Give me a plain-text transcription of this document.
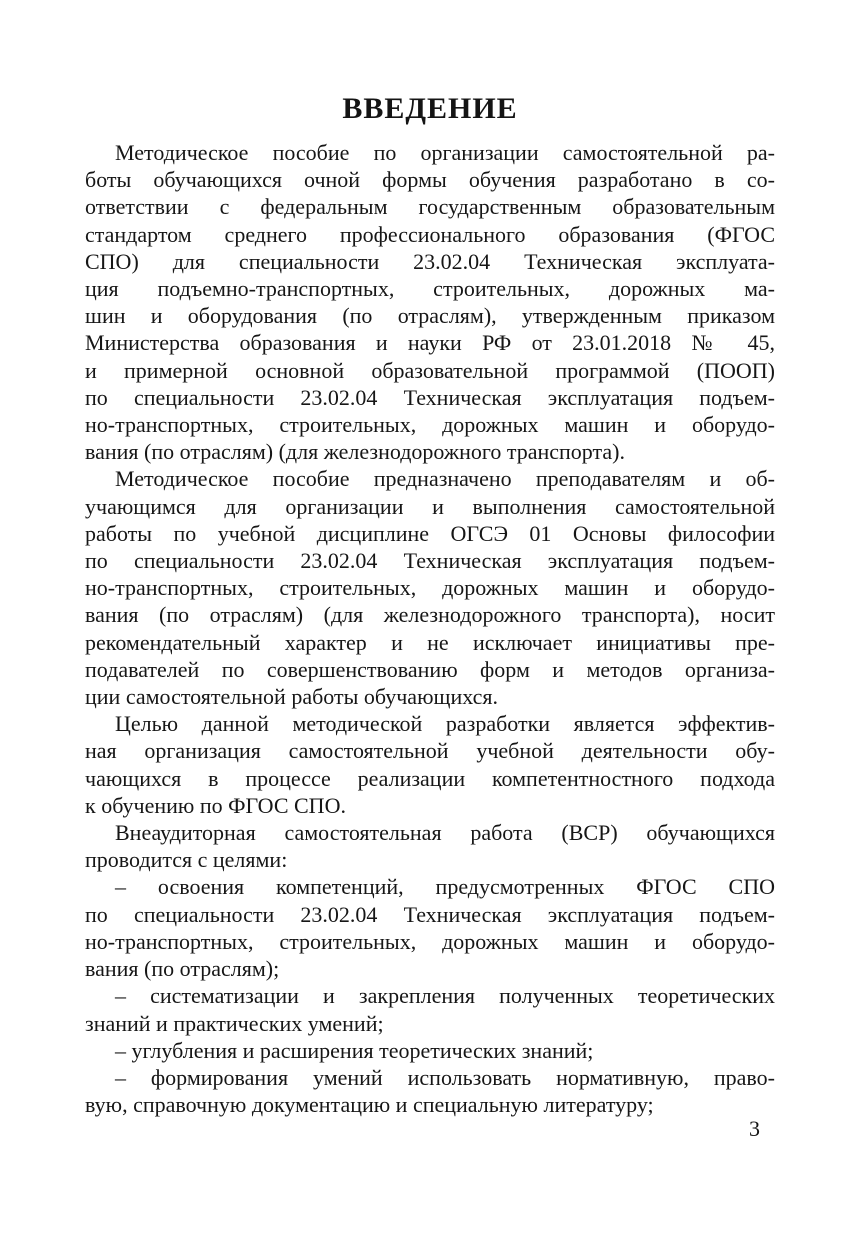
ВВЕДЕНИЕ

Методическое пособие по организации самостоятельной ра-
боты обучающихся очной формы обучения разработано в со-
ответствии с федеральным государственным образовательным
стандартом среднего профессионального образования (ФГОС
СПО) для специальности 23.02.04 Техническая эксплуата-
ция подъемно-транспортных, строительных, дорожных ма-
шин и оборудования (по отраслям), утвержденным приказом
Министерства образования и науки РФ от 23.01.2018 № 45,
и примерной основной образовательной программой (ПООП)
по специальности 23.02.04 Техническая эксплуатация подъем-
но-транспортных, строительных, дорожных машин и оборудо-
вания (по отраслям) (для железнодорожного транспорта).

Методическое пособие предназначено преподавателям и об-
учающимся для организации и выполнения самостоятельной
работы по учебной дисциплине ОГСЭ 01 Основы философии
по специальности 23.02.04 Техническая эксплуатация подъем-
но-транспортных, строительных, дорожных машин и оборудо-
вания (по отраслям) (для железнодорожного транспорта), носит
рекомендательный характер и не исключает инициативы пре-
подавателей по совершенствованию форм и методов организа-
ции самостоятельной работы обучающихся.

Целью данной методической разработки является эффектив-
ная организация самостоятельной учебной деятельности обу-
чающихся в процессе реализации компетентностного подхода
к обучению по ФГОС СПО.

Внеаудиторная самостоятельная работа (ВСР) обучающихся
проводится с целями:

– освоения компетенций, предусмотренных ФГОС СПО
по специальности 23.02.04 Техническая эксплуатация подъем-
но-транспортных, строительных, дорожных машин и оборудо-
вания (по отраслям);

– систематизации и закрепления полученных теоретических
знаний и практических умений;

– углубления и расширения теоретических знаний;

– формирования умений использовать нормативную, право-
вую, справочную документацию и специальную литературу;

3
